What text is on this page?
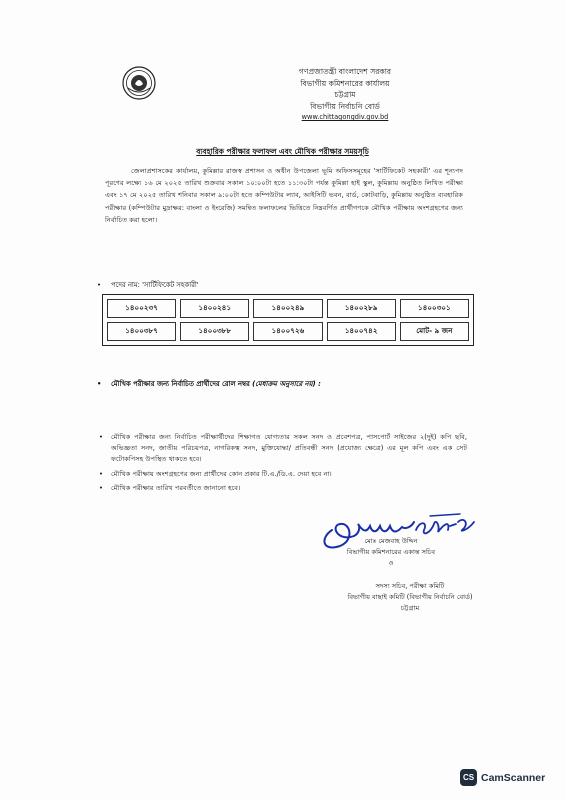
গণপ্রজাতন্ত্রী বাংলাদেশ সরকার
বিভাগীয় কমিশনারের কার্যালয়
চট্টগ্রাম
বিভাগীয় নির্বাচনি বোর্ড
www.chittagongdiv.gov.bd
ব্যবহারিক পরীক্ষার ফলাফল এবং মৌখিক পরীক্ষার সময়সূচি

জেলাপ্রশাসকের কার্যালয়, কুমিল্লার রাজস্ব প্রশাসন ও অধীন উপজেলা ভূমি অফিসসমূহের 'সার্টিফিকেট সহকারী' এর শূন্যপদ পূরণের লক্ষ্যে ১৬ মে ২০২৫ তারিখ শুক্রবার সকাল ১০:০০টা হতে ১১:৩০টা পর্যন্ত কুমিল্লা হাই স্কুল, কুমিল্লায় অনুষ্ঠিত লিখিত পরীক্ষা এবং ১৭ মে ২০২৫ তারিখ শনিবার সকাল ৯:০০টা হতে কম্পিউটার ল্যাব, আইসিটি ভবন, বার্ড, কোটবাড়ি, কুমিল্লায় অনুষ্ঠিত ব্যবহারিক পরীক্ষার (কম্পিউটার মুদ্রাক্ষর: বাংলা ও ইংরেজি) সমন্বিত ফলাফলের ভিত্তিতে নিম্নবর্ণিত প্রার্থীগণকে মৌখিক পরীক্ষায় অংশগ্রহণের জন্য নির্বাচিত করা হলো।

• পদের নাম: 'সার্টিফিকেট সহকারী'
১৪০০২৩৭	১৪০০২৪১	১৪০০২৪৯	১৪০০২৮৯	১৪০০৩০১
১৪০০৩৮৭	১৪০০৩৮৮	১৪০০৭২৬	১৪০০৭৪২	মোট- ৯ জন
• মৌখিক পরীক্ষার জন্য নির্বাচিত প্রার্থীদের রোল নম্বর (মেধাক্রম অনুসারে নয়) :
• মৌখিক পরীক্ষার জন্য নির্বাচিত পরীক্ষার্থীদের শিক্ষাগত যোগ্যতার সকল সনদ ও প্রবেশপত্র, পাসপোর্ট সাইজের ২(দুই) কপি ছবি, অভিজ্ঞতা সনদ, জাতীয় পরিচয়পত্র, নাগরিকত্ব সনদ, মুক্তিযোদ্ধা/ প্রতিবন্ধী সনদ (প্রযোজ্য ক্ষেত্রে) এর মূল কপি এবং এক সেট ফটোকপিসহ উপস্থিত থাকতে হবে।
• মৌখিক পরীক্ষায় অংশগ্রহণের জন্য প্রার্থীদের কোন প্রকার টি.এ./ডি.এ. দেয়া হবে না।
• মৌখিক পরীক্ষার তারিখ পরবর্তীতে জানানো হবে।
মোঃ মেজবাহ উদ্দিন
বিভাগীয় কমিশনারের একান্ত সচিব
ও
সদস্য সচিব, পরীক্ষা কমিটি
বিভাগীয় বাছাই কমিটি (বিভাগীয় নির্বাচনি বোর্ড)
চট্টগ্রাম
CS CamScanner
